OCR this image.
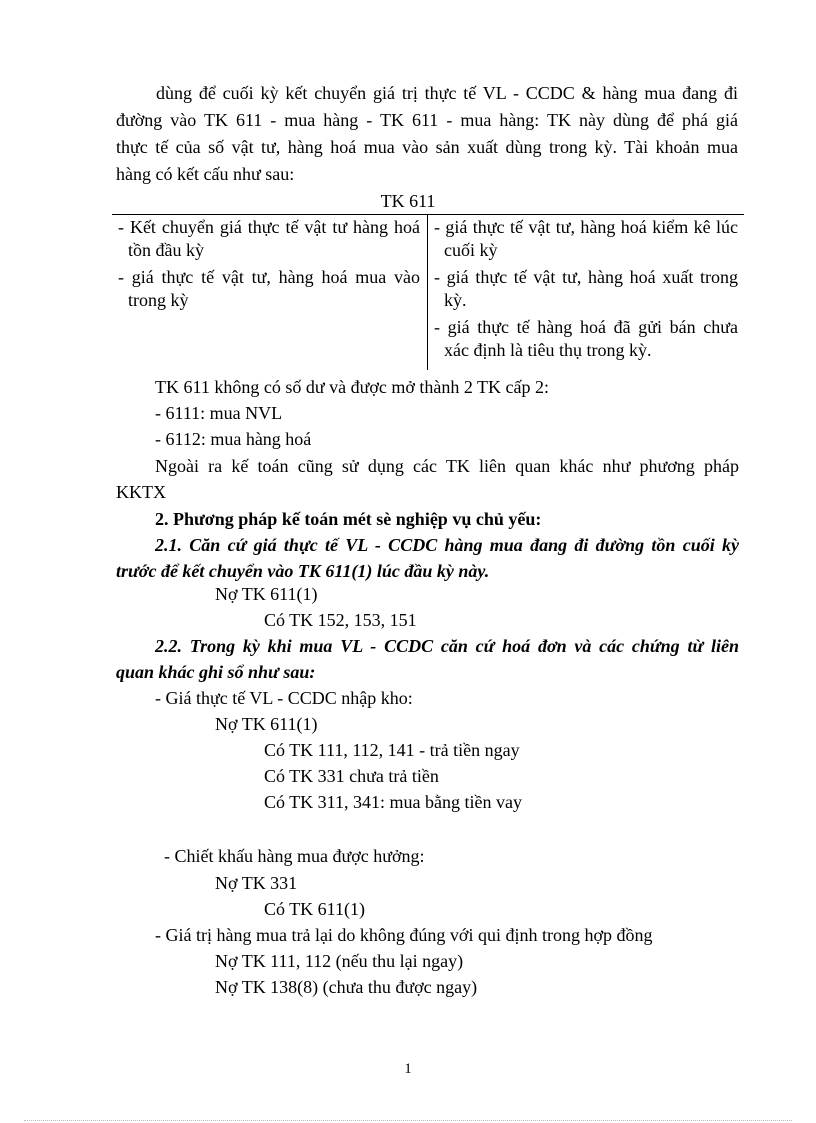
dùng để cuối kỳ kết chuyển giá trị thực tế VL - CCDC & hàng mua đang đi
đường vào TK 611 - mua hàng - TK 611 - mua hàng: TK này dùng để phá giá
thực tế của số vật tư, hàng hoá mua vào sản xuất dùng trong kỳ. Tài khoản mua
hàng có kết cấu như sau:
TK 611

- Kết chuyển giá thực tế vật tư hàng hoá tồn đầu kỳ

- giá thực tế vật tư, hàng hoá mua vào trong kỳ

- giá thực tế vật tư, hàng hoá kiểm kê lúc cuối kỳ

- giá thực tế vật tư, hàng hoá xuất trong kỳ.

- giá thực tế hàng hoá đã gửi bán chưa xác định là tiêu thụ trong kỳ.

TK 611 không có số dư và được mở thành 2 TK cấp 2:

- 6111: mua NVL

- 6112: mua hàng hoá

Ngoài ra kế toán cũng sử dụng các TK liên quan khác như phương pháp

KKTX

2. Phương pháp kế toán mét sè nghiệp vụ chủ yếu:

2.1. Căn cứ giá thực tế VL - CCDC hàng mua đang đi đường tồn cuối kỳ

trước để kết chuyển vào TK 611(1) lúc đầu kỳ này.

Nợ TK 611(1)

Có TK 152, 153, 151

2.2. Trong kỳ khi mua VL - CCDC căn cứ hoá đơn và các chứng từ liên

quan khác ghi sổ như sau:

- Giá thực tế VL - CCDC nhập kho:

Nợ TK 611(1)

Có TK 111, 112, 141 - trả tiền ngay

Có TK 331 chưa trả tiền

Có TK 311, 341: mua bằng tiền vay

- Chiết khấu hàng mua được hưởng:

Nợ TK 331

Có TK 611(1)

- Giá trị hàng mua trả lại do không đúng với qui định trong hợp đồng

Nợ TK 111, 112 (nếu thu lại ngay)

Nợ TK 138(8) (chưa thu được ngay)

1
